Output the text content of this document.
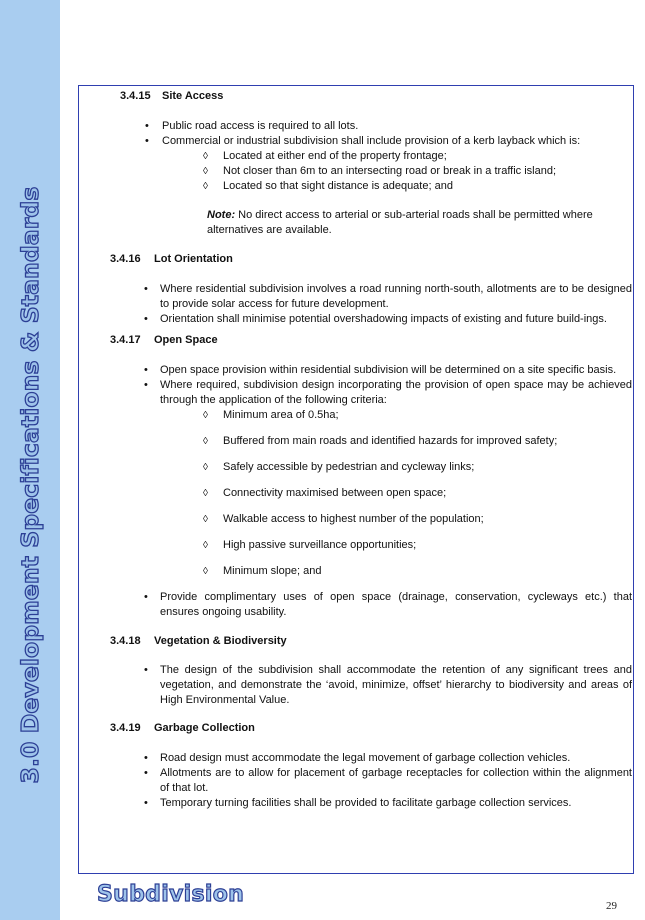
3.0 Development Specifications & Standards
3.4.15	Site Access
• Public road access is required to all lots.
• Commercial or industrial subdivision shall include provision of a kerb layback which is:
◊ Located at either end of the property frontage;
◊ Not closer than 6m to an intersecting road or break in a traffic island;
◊ Located so that sight distance is adequate; and
Note: No direct access to arterial or sub-arterial roads shall be permitted where alternatives are available.
3.4.16	Lot Orientation
• Where residential subdivision involves a road running north-south, allotments are to be designed to provide solar access for future development.
• Orientation shall minimise potential overshadowing impacts of existing and future build-ings.
3.4.17	Open Space
• Open space provision within residential subdivision will be determined on a site specific basis.
• Where required, subdivision design incorporating the provision of open space may be achieved through the application of the following criteria:
◊ Minimum area of 0.5ha;
◊ Buffered from main roads and identified hazards for improved safety;
◊ Safely accessible by pedestrian and cycleway links;
◊ Connectivity maximised between open space;
◊ Walkable access to highest number of the population;
◊ High passive surveillance opportunities;
◊ Minimum slope; and
• Provide complimentary uses of open space (drainage, conservation, cycleways etc.) that ensures ongoing usability.
3.4.18	Vegetation & Biodiversity
• The design of the subdivision shall accommodate the retention of any significant trees and vegetation, and demonstrate the ‘avoid, minimize, offset’ hierarchy to biodiversity and areas of High Environmental Value.
3.4.19	Garbage Collection
• Road design must accommodate the legal movement of garbage collection vehicles.
• Allotments are to allow for placement of garbage receptacles for collection within the alignment of that lot.
• Temporary turning facilities shall be provided to facilitate garbage collection services.
Subdivision	29
